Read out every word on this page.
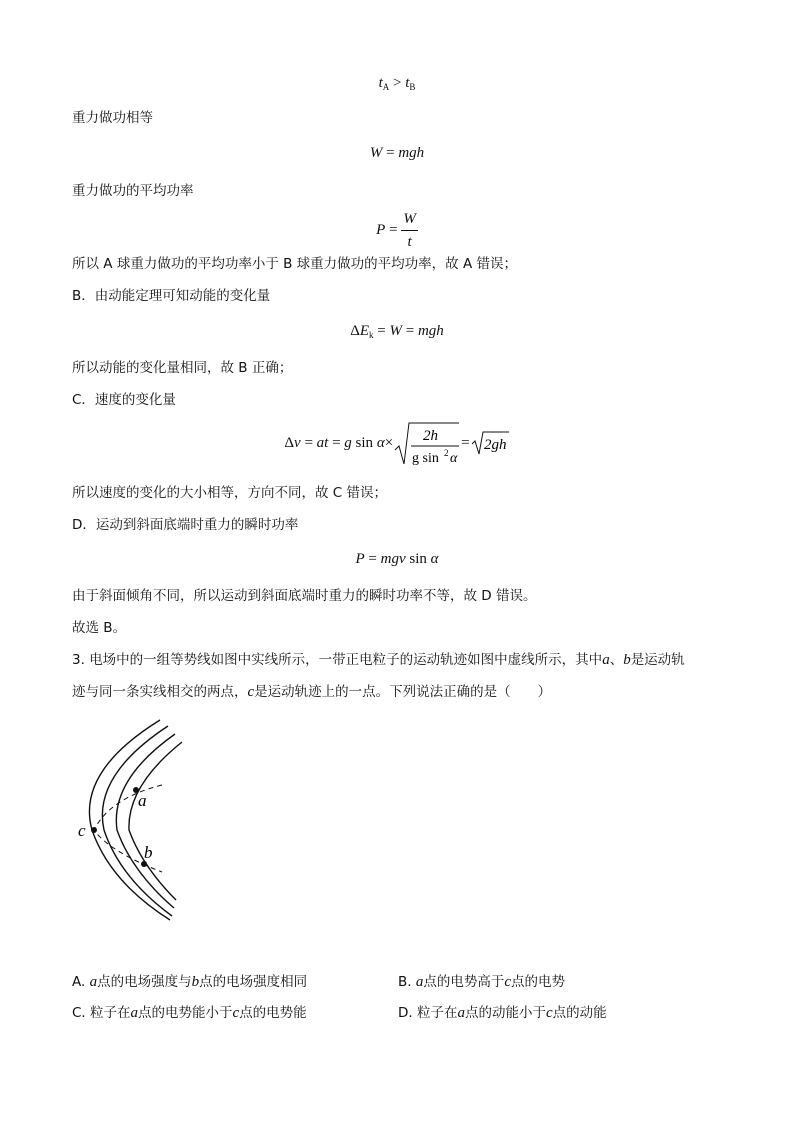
$t_A > t_B$
重力做功相等
W = mgh
重力做功的平均功率
$P = \frac{W}{t}$
所以 A 球重力做功的平均功率小于 B 球重力做功的平均功率，故 A 错误；
B．由动能定理可知动能的变化量
$\Delta E_k = W$ = mgh
所以动能的变化量相同，故 B 正确；
C．速度的变化量
Δv = at = g sin α× 2h
g sin 2 α
= 2gh
所以速度的变化的大小相等，方向不同，故 C 错误；
D．运动到斜面底端时重力的瞬时功率
P = mgv sin α
由于斜面倾角不同，所以运动到斜面底端时重力的瞬时功率不等，故 D 错误。
故选 B。
3. 电场中的一组等势线如图中实线所示，一带正电粒子的运动轨迹如图中虚线所示，其中a、b是运动轨
迹与同一条实线相交的两点，c是运动轨迹上的一点。下列说法正确的是（　　）
a
c
b
A. a点的电场强度与b点的电场强度相同	B. a点的电势高于c点的电势
C. 粒子在a点的电势能小于c点的电势能	D. 粒子在a点的动能小于c点的动能
